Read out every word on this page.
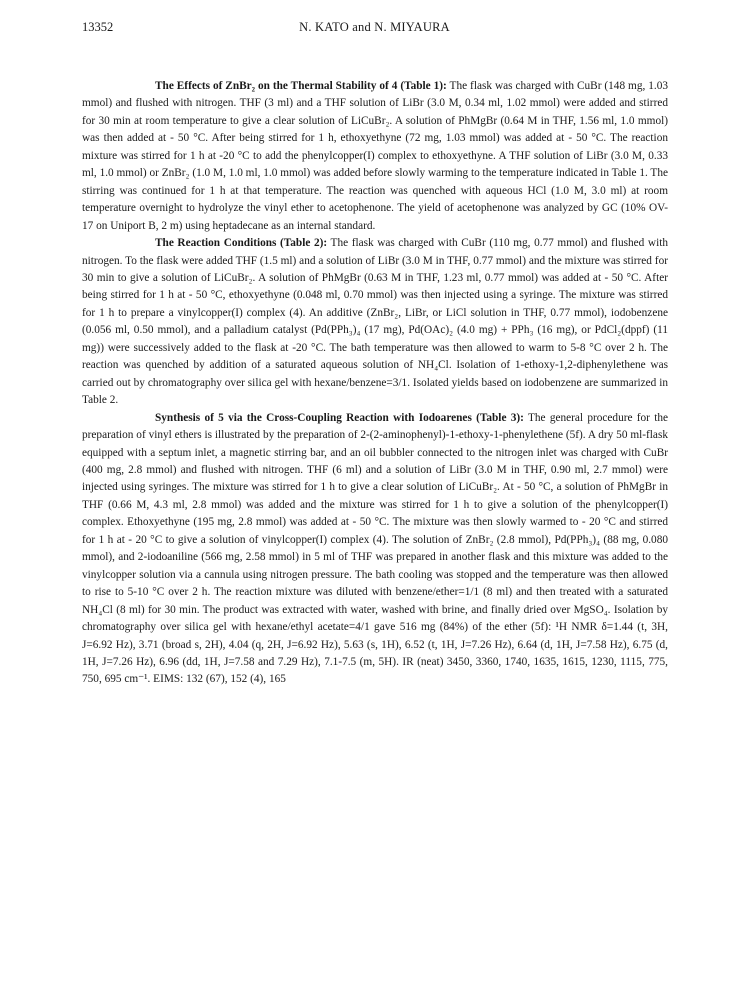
13352	N. KATO and N. MIYAURA

The Effects of ZnBr₂ on the Thermal Stability of 4 (Table 1): The flask was charged with CuBr (148 mg, 1.03 mmol) and flushed with nitrogen. THF (3 ml) and a THF solution of LiBr (3.0 M, 0.34 ml, 1.02 mmol) were added and stirred for 30 min at room temperature to give a clear solution of LiCuBr₂. A solution of PhMgBr (0.64 M in THF, 1.56 ml, 1.0 mmol) was then added at - 50 °C. After being stirred for 1 h, ethoxyethyne (72 mg, 1.03 mmol) was added at - 50 °C. The reaction mixture was stirred for 1 h at -20 °C to add the phenylcopper(I) complex to ethoxyethyne. A THF solution of LiBr (3.0 M, 0.33 ml, 1.0 mmol) or ZnBr₂ (1.0 M, 1.0 ml, 1.0 mmol) was added before slowly warming to the temperature indicated in Table 1. The stirring was continued for 1 h at that temperature. The reaction was quenched with aqueous HCl (1.0 M, 3.0 ml) at room temperature overnight to hydrolyze the vinyl ether to acetophenone. The yield of acetophenone was analyzed by GC (10% OV-17 on Uniport B, 2 m) using heptadecane as an internal standard.

The Reaction Conditions (Table 2): The flask was charged with CuBr (110 mg, 0.77 mmol) and flushed with nitrogen. To the flask were added THF (1.5 ml) and a solution of LiBr (3.0 M in THF, 0.77 mmol) and the mixture was stirred for 30 min to give a solution of LiCuBr₂. A solution of PhMgBr (0.63 M in THF, 1.23 ml, 0.77 mmol) was added at - 50 °C. After being stirred for 1 h at - 50 °C, ethoxyethyne (0.048 ml, 0.70 mmol) was then injected using a syringe. The mixture was stirred for 1 h to prepare a vinylcopper(I) complex (4). An additive (ZnBr₂, LiBr, or LiCl solution in THF, 0.77 mmol), iodobenzene (0.056 ml, 0.50 mmol), and a palladium catalyst (Pd(PPh₃)₄ (17 mg), Pd(OAc)₂ (4.0 mg) + PPh₃ (16 mg), or PdCl₂(dppf) (11 mg)) were successively added to the flask at -20 °C. The bath temperature was then allowed to warm to 5-8 °C over 2 h. The reaction was quenched by addition of a saturated aqueous solution of NH₄Cl. Isolation of 1-ethoxy-1,2-diphenylethene was carried out by chromatography over silica gel with hexane/benzene=3/1. Isolated yields based on iodobenzene are summarized in Table 2.

Synthesis of 5 via the Cross-Coupling Reaction with Iodoarenes (Table 3): The general procedure for the preparation of vinyl ethers is illustrated by the preparation of 2-(2-aminophenyl)-1-ethoxy-1-phenylethene (5f). A dry 50 ml-flask equipped with a septum inlet, a magnetic stirring bar, and an oil bubbler connected to the nitrogen inlet was charged with CuBr (400 mg, 2.8 mmol) and flushed with nitrogen. THF (6 ml) and a solution of LiBr (3.0 M in THF, 0.90 ml, 2.7 mmol) were injected using syringes. The mixture was stirred for 1 h to give a clear solution of LiCuBr₂. At - 50 °C, a solution of PhMgBr in THF (0.66 M, 4.3 ml, 2.8 mmol) was added and the mixture was stirred for 1 h to give a solution of the phenylcopper(I) complex. Ethoxyethyne (195 mg, 2.8 mmol) was added at - 50 °C. The mixture was then slowly warmed to - 20 °C and stirred for 1 h at - 20 °C to give a solution of vinylcopper(I) complex (4). The solution of ZnBr₂ (2.8 mmol), Pd(PPh₃)₄ (88 mg, 0.080 mmol), and 2-iodoaniline (566 mg, 2.58 mmol) in 5 ml of THF was prepared in another flask and this mixture was added to the vinylcopper solution via a cannula using nitrogen pressure. The bath cooling was stopped and the temperature was then allowed to rise to 5-10 °C over 2 h. The reaction mixture was diluted with benzene/ether=1/1 (8 ml) and then treated with a saturated NH₄Cl (8 ml) for 30 min. The product was extracted with water, washed with brine, and finally dried over MgSO₄. Isolation by chromatography over silica gel with hexane/ethyl acetate=4/1 gave 516 mg (84%) of the ether (5f): ¹H NMR δ=1.44 (t, 3H, J=6.92 Hz), 3.71 (broad s, 2H), 4.04 (q, 2H, J=6.92 Hz), 5.63 (s, 1H), 6.52 (t, 1H, J=7.26 Hz), 6.64 (d, 1H, J=7.58 Hz), 6.75 (d, 1H, J=7.26 Hz), 6.96 (dd, 1H, J=7.58 and 7.29 Hz), 7.1-7.5 (m, 5H). IR (neat) 3450, 3360, 1740, 1635, 1615, 1230, 1115, 775, 750, 695 cm⁻¹. EIMS: 132 (67), 152 (4), 165
